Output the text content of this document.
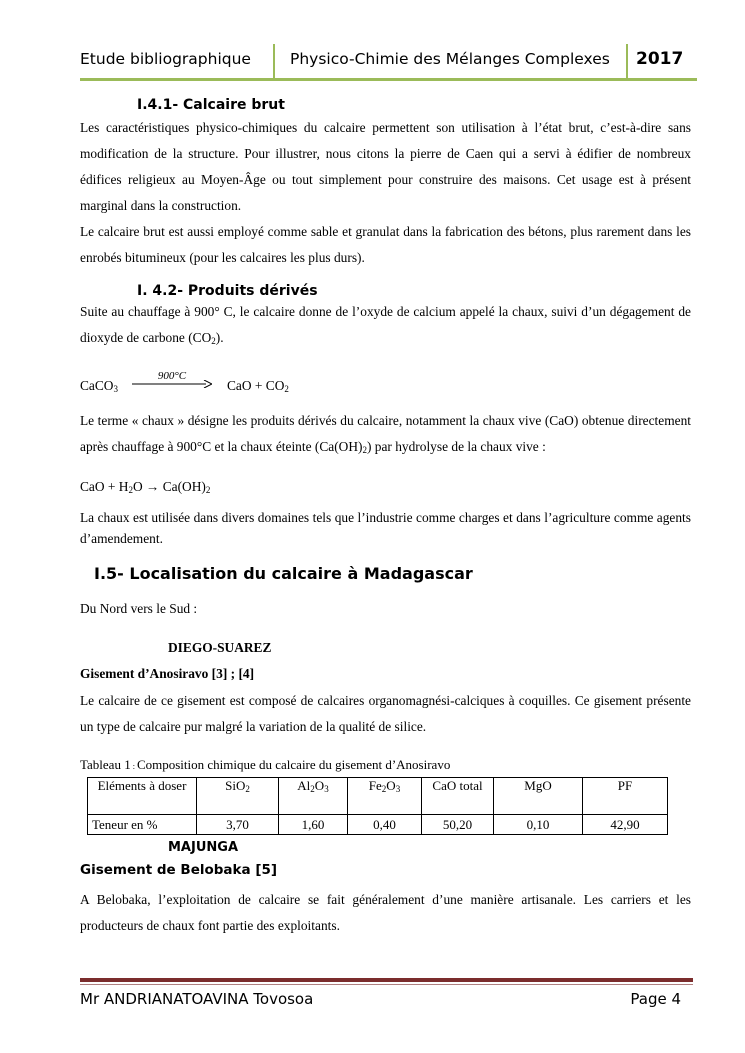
Etude bibliographique	Physico-Chimie des Mélanges Complexes 2017
I.4.1- Calcaire brut
Les caractéristiques physico-chimiques du calcaire permettent son utilisation à l’état brut, c’est-à-dire sans modification de la structure. Pour illustrer, nous citons la pierre de Caen qui a servi à édifier de nombreux édifices religieux au Moyen-Âge ou tout simplement pour construire des maisons. Cet usage est à présent marginal dans la construction.
Le calcaire brut est aussi employé comme sable et granulat dans la fabrication des bétons, plus rarement dans les enrobés bitumineux (pour les calcaires les plus durs).
I. 4.2- Produits dérivés
Suite au chauffage à 900° C, le calcaire donne de l’oxyde de calcium appelé la chaux, suivi d’un dégagement de dioxyde de carbone $(CO_2)$.
CaCO$_3$
900°C
CaO + $CO_2$
Le terme « chaux » désigne les produits dérivés du calcaire, notamment la chaux vive (CaO) obtenue directement après chauffage à 900°C et la chaux éteinte $(Ca(OH)_2)$ par hydrolyse de la chaux vive :
CaO + $H_2O \to Ca(OH)_2$
La chaux est utilisée dans divers domaines tels que l’industrie comme charges et dans l’agriculture comme agents d’amendement.
I.5- Localisation du calcaire à Madagascar
Du Nord vers le Sud :
DIEGO-SUAREZ
Gisement d’Anosiravo [3] ; [4]
Le calcaire de ce gisement est composé de calcaires organomagnési-calciques à coquilles. Ce gisement présente un type de calcaire pur malgré la variation de la qualité de silice.
Tableau 1 : Composition chimique du calcaire du gisement d’Anosiravo
Eléments à doser	SiO$_2$	$Al_2O_3$	$Fe_2O_3$	CaO total	MgO	PF
Teneur en %	3,70	1,60	0,40	50,20	0,10	42,90
MAJUNGA
Gisement de Belobaka [5]
A Belobaka, l’exploitation de calcaire se fait généralement d’une manière artisanale. Les carriers et les producteurs de chaux font partie des exploitants.
Mr ANDRIANATOAVINA Tovosoa	Page 4
